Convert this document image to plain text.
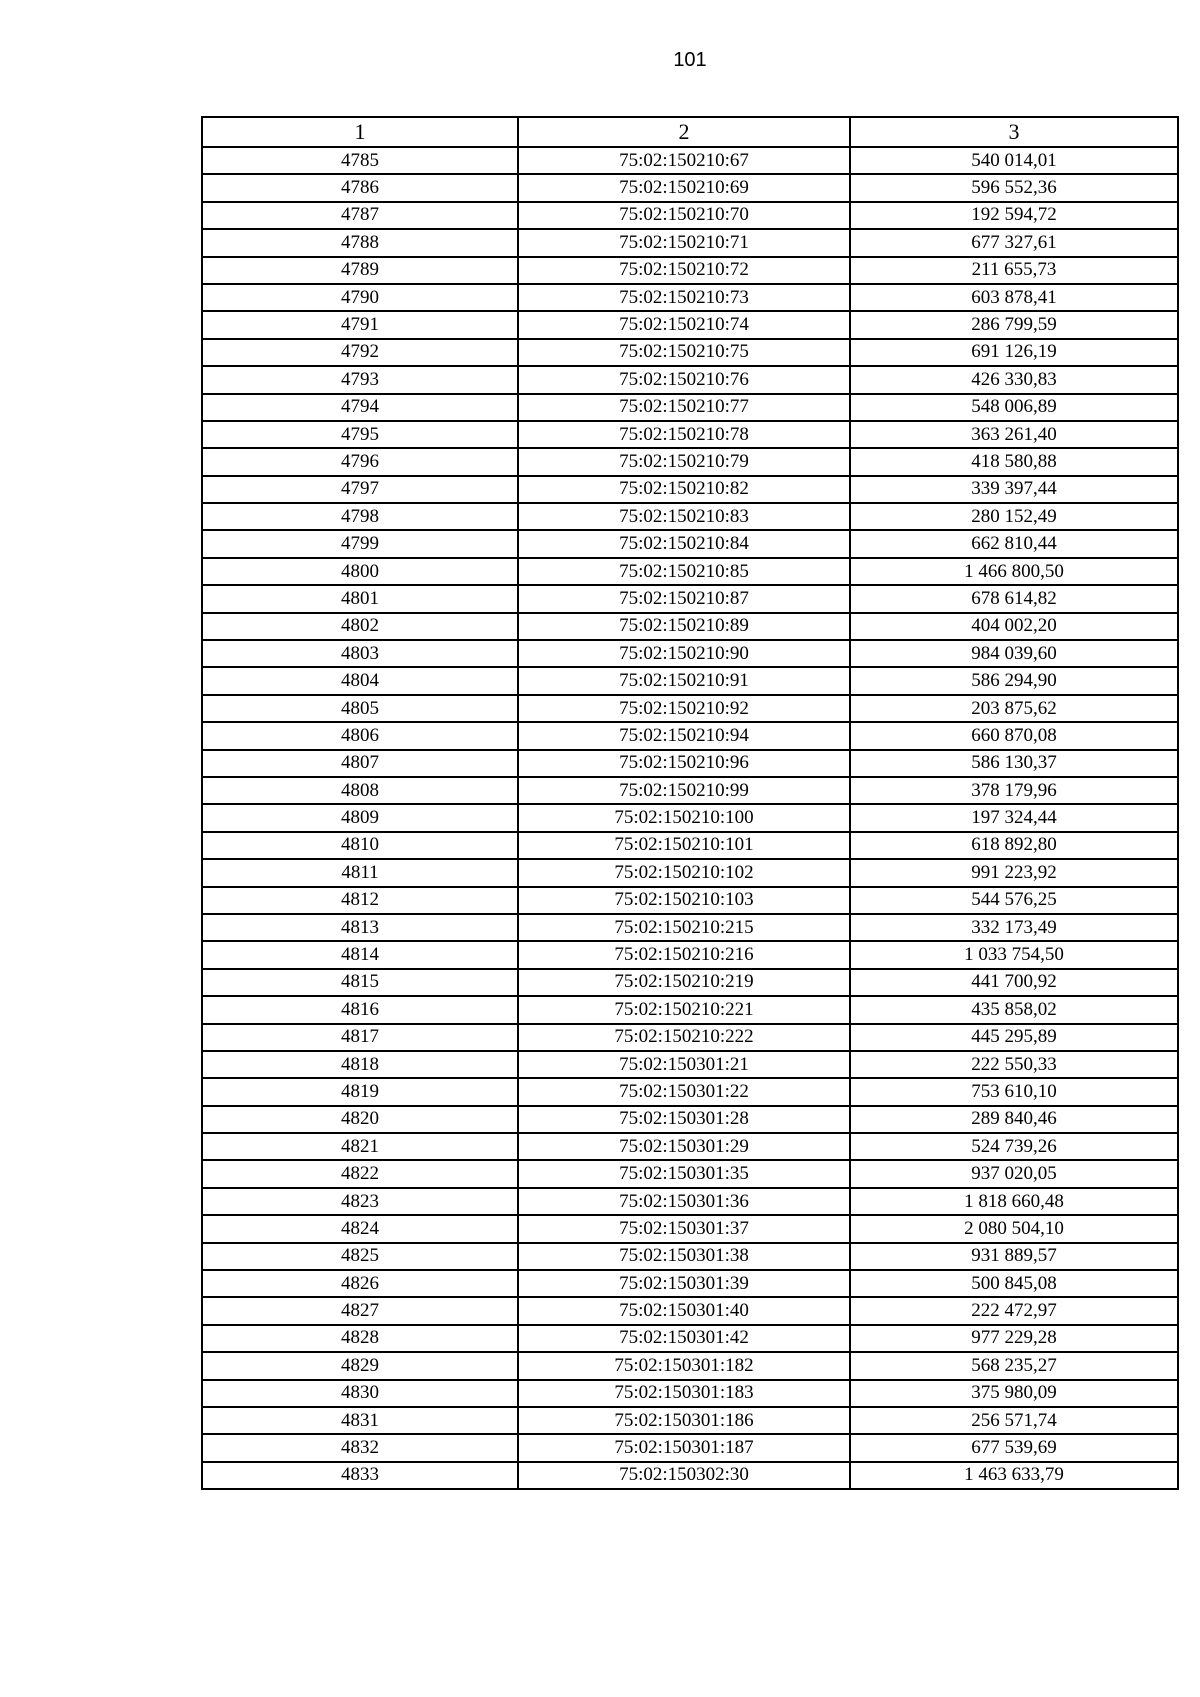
101
1	2	3
4785	75:02:150210:67	540 014,01
4786	75:02:150210:69	596 552,36
4787	75:02:150210:70	192 594,72
4788	75:02:150210:71	677 327,61
4789	75:02:150210:72	211 655,73
4790	75:02:150210:73	603 878,41
4791	75:02:150210:74	286 799,59
4792	75:02:150210:75	691 126,19
4793	75:02:150210:76	426 330,83
4794	75:02:150210:77	548 006,89
4795	75:02:150210:78	363 261,40
4796	75:02:150210:79	418 580,88
4797	75:02:150210:82	339 397,44
4798	75:02:150210:83	280 152,49
4799	75:02:150210:84	662 810,44
4800	75:02:150210:85	1 466 800,50
4801	75:02:150210:87	678 614,82
4802	75:02:150210:89	404 002,20
4803	75:02:150210:90	984 039,60
4804	75:02:150210:91	586 294,90
4805	75:02:150210:92	203 875,62
4806	75:02:150210:94	660 870,08
4807	75:02:150210:96	586 130,37
4808	75:02:150210:99	378 179,96
4809	75:02:150210:100	197 324,44
4810	75:02:150210:101	618 892,80
4811	75:02:150210:102	991 223,92
4812	75:02:150210:103	544 576,25
4813	75:02:150210:215	332 173,49
4814	75:02:150210:216	1 033 754,50
4815	75:02:150210:219	441 700,92
4816	75:02:150210:221	435 858,02
4817	75:02:150210:222	445 295,89
4818	75:02:150301:21	222 550,33
4819	75:02:150301:22	753 610,10
4820	75:02:150301:28	289 840,46
4821	75:02:150301:29	524 739,26
4822	75:02:150301:35	937 020,05
4823	75:02:150301:36	1 818 660,48
4824	75:02:150301:37	2 080 504,10
4825	75:02:150301:38	931 889,57
4826	75:02:150301:39	500 845,08
4827	75:02:150301:40	222 472,97
4828	75:02:150301:42	977 229,28
4829	75:02:150301:182	568 235,27
4830	75:02:150301:183	375 980,09
4831	75:02:150301:186	256 571,74
4832	75:02:150301:187	677 539,69
4833	75:02:150302:30	1 463 633,79
